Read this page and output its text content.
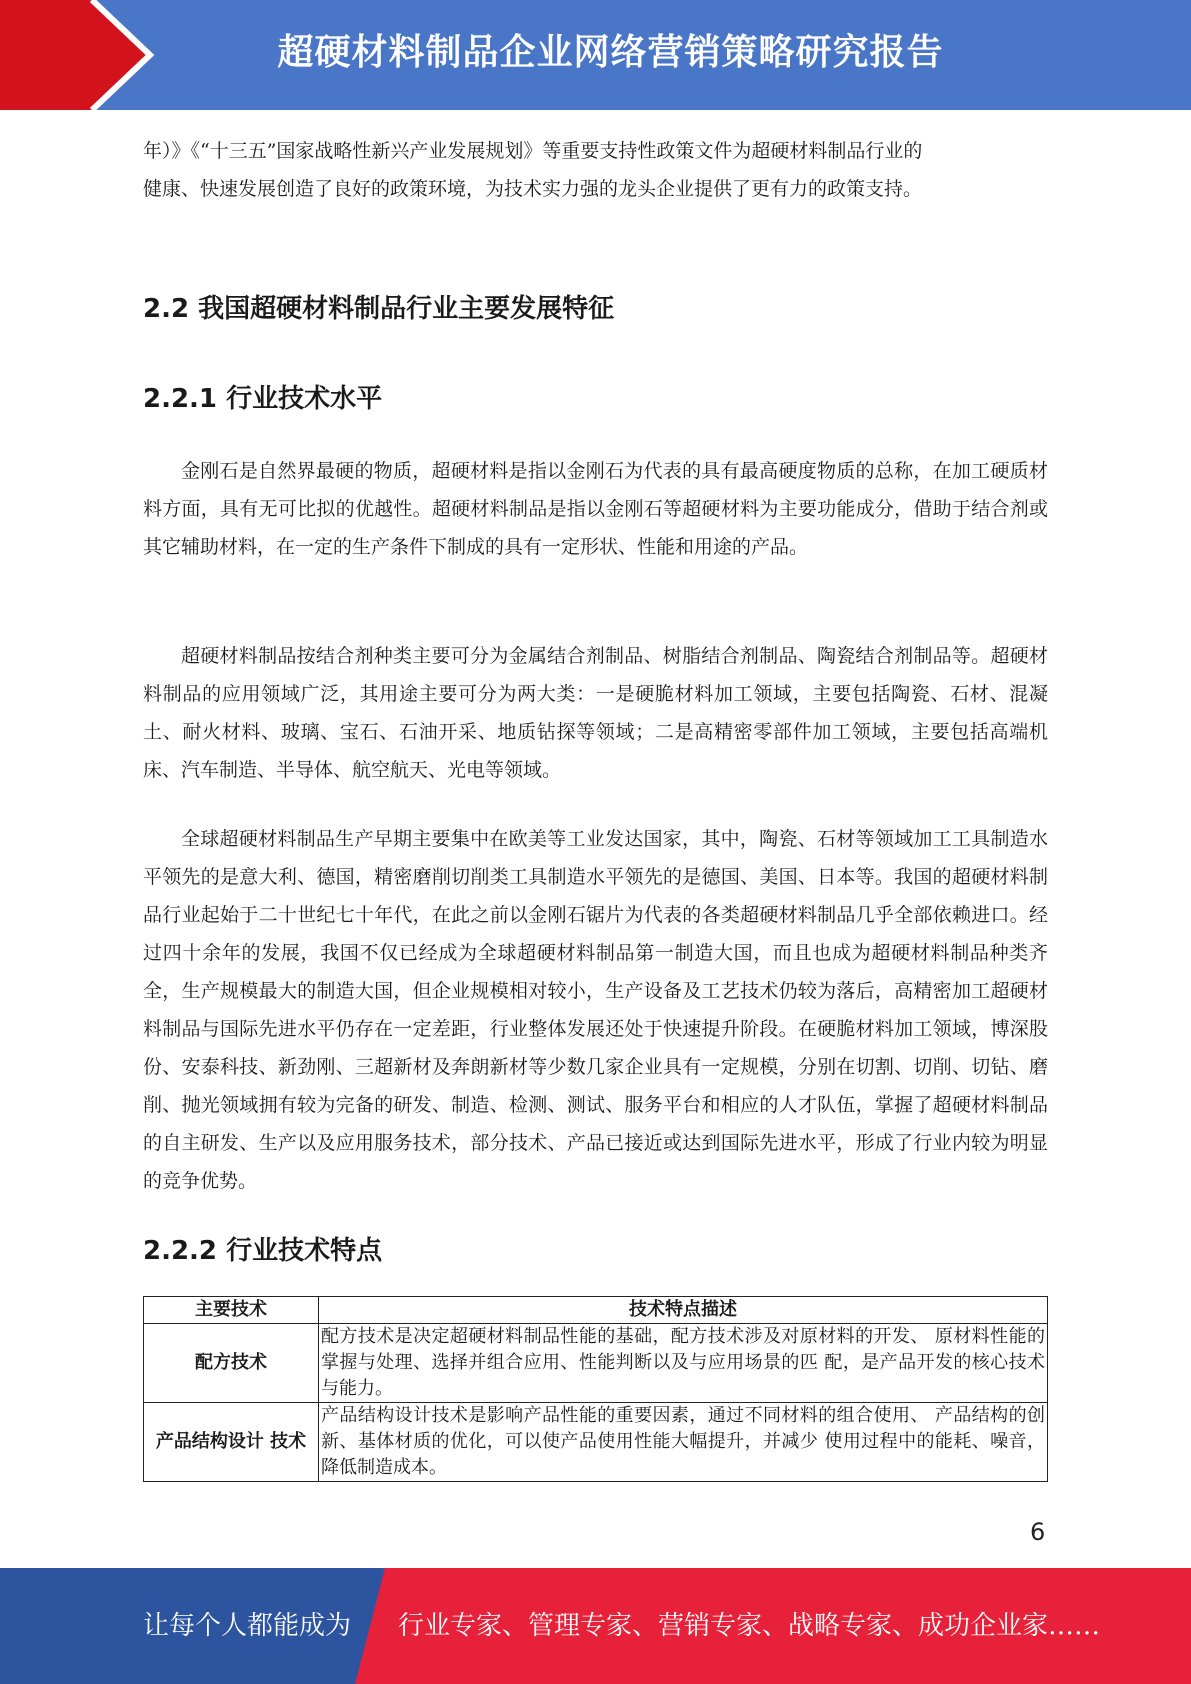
超硬材料制品企业网络营销策略研究报告

年）》《“十三五”国家战略性新兴产业发展规划》等重要支持性政策文件为超硬材料制品行业的

健康、快速发展创造了良好的政策环境，为技术实力强的龙头企业提供了更有力的政策支持。

2.2 我国超硬材料制品行业主要发展特征
2.2.1 行业技术水平

金刚石是自然界最硬的物质，超硬材料是指以金刚石为代表的具有最高硬度物质的总称，在加工硬质材料方面，具有无可比拟的优越性。超硬材料制品是指以金刚石等超硬材料为主要功能成分，借助于结合剂或其它辅助材料，在一定的生产条件下制成的具有一定形状、性能和用途的产品。

超硬材料制品按结合剂种类主要可分为金属结合剂制品、树脂结合剂制品、陶瓷结合剂制品等。超硬材料制品的应用领域广泛，其用途主要可分为两大类：一是硬脆材料加工领域，主要包括陶瓷、石材、混凝土、耐火材料、玻璃、宝石、石油开采、地质钻探等领域；二是高精密零部件加工领域，主要包括高端机床、汽车制造、半导体、航空航天、光电等领域。

全球超硬材料制品生产早期主要集中在欧美等工业发达国家，其中，陶瓷、石材等领域加工工具制造水平领先的是意大利、德国，精密磨削切削类工具制造水平领先的是德国、美国、日本等。我国的超硬材料制品行业起始于二十世纪七十年代，在此之前以金刚石锯片为代表的各类超硬材料制品几乎全部依赖进口。经过四十余年的发展，我国不仅已经成为全球超硬材料制品第一制造大国，而且也成为超硬材料制品种类齐全，生产规模最大的制造大国，但企业规模相对较小，生产设备及工艺技术仍较为落后，高精密加工超硬材料制品与国际先进水平仍存在一定差距，行业整体发展还处于快速提升阶段。在硬脆材料加工领域，博深股份、安泰科技、新劲刚、三超新材及奔朗新材等少数几家企业具有一定规模，分别在切割、切削、切钻、磨削、抛光领域拥有较为完备的研发、制造、检测、测试、服务平台和相应的人才队伍，掌握了超硬材料制品的自主研发、生产以及应用服务技术，部分技术、产品已接近或达到国际先进水平，形成了行业内较为明显的竞争优势。

2.2.2 行业技术特点
主要技术	技术特点描述
配方技术	配方技术是决定超硬材料制品性能的基础，配方技术涉及对原材料的开发、 原材料性能的掌握与处理、选择并组合应用、性能判断以及与应用场景的匹 配，是产品开发的核心技术与能力。
产品结构设计 技术	产品结构设计技术是影响产品性能的重要因素，通过不同材料的组合使用、 产品结构的创新、基体材质的优化，可以使产品使用性能大幅提升，并减少 使用过程中的能耗、噪音，降低制造成本。
6
让每个人都能成为 行业专家、管理专家、营销专家、战略专家、成功企业家……
